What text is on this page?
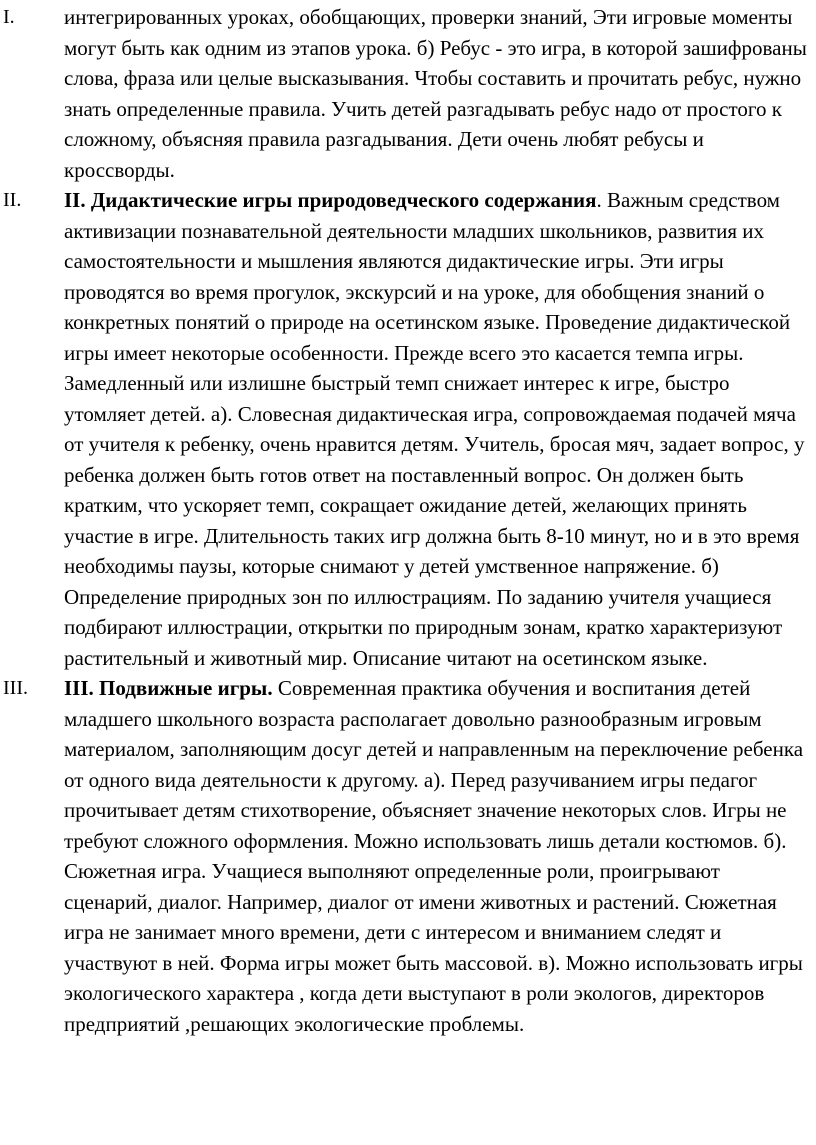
I. интегрированных уроках, обобщающих, проверки знаний, Эти игровые моменты могут быть как одним из этапов урока. б) Ребус - это игра, в которой зашифрованы слова, фраза или целые высказывания. Чтобы составить и прочитать ребус, нужно знать определенные правила. Учить детей разгадывать ребус надо от простого к сложному, объясняя правила разгадывания. Дети очень любят ребусы и кроссворды.
II. II. Дидактические игры природоведческого содержания. Важным средством активизации познавательной деятельности младших школьников, развития их самостоятельности и мышления являются дидактические игры. Эти игры проводятся во время прогулок, экскурсий и на уроке, для обобщения знаний о конкретных понятий о природе на осетинском языке. Проведение дидактической игры имеет некоторые особенности. Прежде всего это касается темпа игры. Замедленный или излишне быстрый темп снижает интерес к игре, быстро утомляет детей. а). Словесная дидактическая игра, сопровождаемая подачей мяча от учителя к ребенку, очень нравится детям. Учитель, бросая мяч, задает вопрос, у ребенка должен быть готов ответ на поставленный вопрос. Он должен быть кратким, что ускоряет темп, сокращает ожидание детей, желающих принять участие в игре. Длительность таких игр должна быть 8-10 минут, но и в это время необходимы паузы, которые снимают у детей умственное напряжение. б) Определение природных зон по иллюстрациям. По заданию учителя учащиеся подбирают иллюстрации, открытки по природным зонам, кратко характеризуют растительный и животный мир. Описание читают на осетинском языке.
III. III. Подвижные игры. Современная практика обучения и воспитания детей младшего школьного возраста располагает довольно разнообразным игровым материалом, заполняющим досуг детей и направленным на переключение ребенка от одного вида деятельности к другому. а). Перед разучиванием игры педагог прочитывает детям стихотворение, объясняет значение некоторых слов. Игры не требуют сложного оформления. Можно использовать лишь детали костюмов. б). Сюжетная игра. Учащиеся выполняют определенные роли, проигрывают сценарий, диалог. Например, диалог от имени животных и растений. Сюжетная игра не занимает много времени, дети с интересом и вниманием следят и участвуют в ней. Форма игры может быть массовой. в). Можно использовать игры экологического характера , когда дети выступают в роли экологов, директоров предприятий ,решающих экологические проблемы.
